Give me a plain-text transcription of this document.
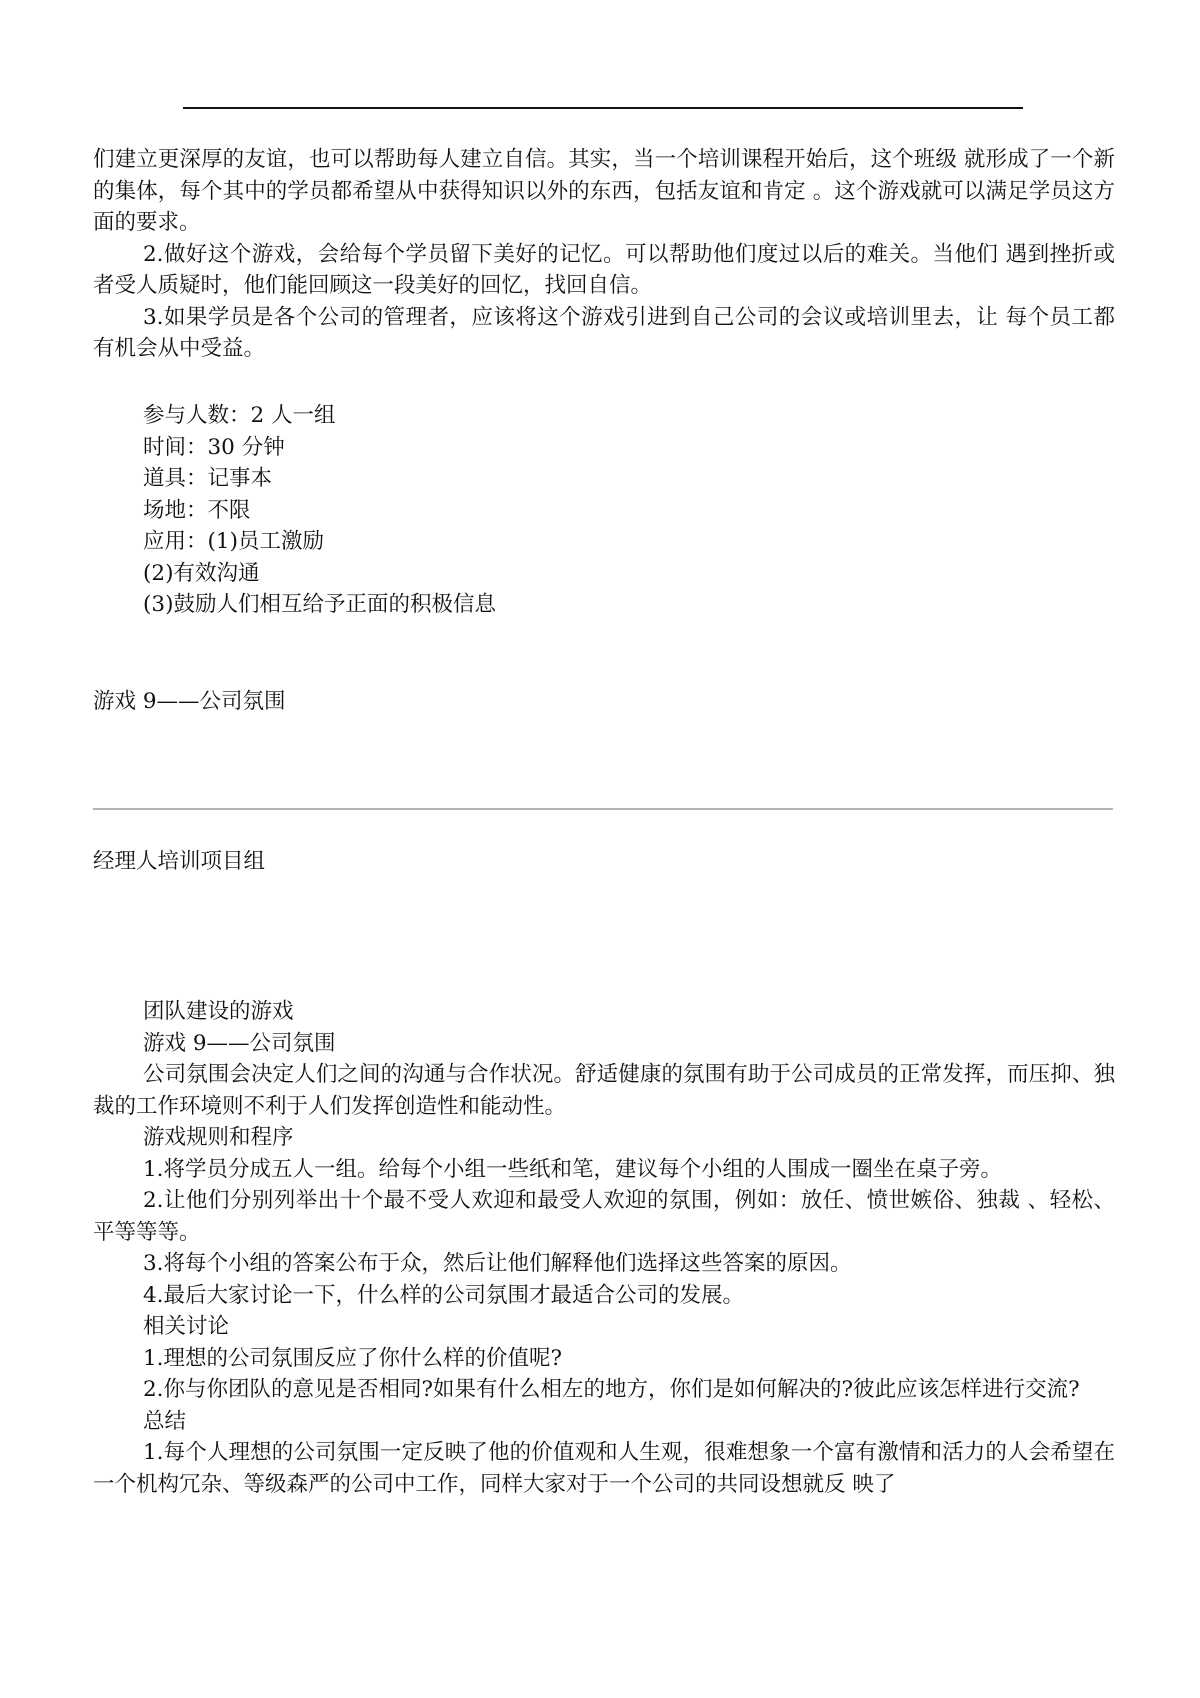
们建立更深厚的友谊，也可以帮助每人建立自信。其实，当一个培训课程开始后，这个班级 就形成了一个新的集体，每个其中的学员都希望从中获得知识以外的东西，包括友谊和肯定 。这个游戏就可以满足学员这方面的要求。

2.做好这个游戏，会给每个学员留下美好的记忆。可以帮助他们度过以后的难关。当他们 遇到挫折或者受人质疑时，他们能回顾这一段美好的回忆，找回自信。

3.如果学员是各个公司的管理者，应该将这个游戏引进到自己公司的会议或培训里去，让 每个员工都有机会从中受益。

参与人数：2 人一组

时间：30 分钟

道具：记事本

场地：不限

应用：(1)员工激励

(2)有效沟通

(3)鼓励人们相互给予正面的积极信息

游戏 9——公司氛围

经理人培训项目组

团队建设的游戏

游戏 9——公司氛围

公司氛围会决定人们之间的沟通与合作状况。舒适健康的氛围有助于公司成员的正常发挥，而压抑、独裁的工作环境则不利于人们发挥创造性和能动性。

游戏规则和程序

1.将学员分成五人一组。给每个小组一些纸和笔，建议每个小组的人围成一圈坐在桌子旁。

2.让他们分别列举出十个最不受人欢迎和最受人欢迎的氛围，例如：放任、愤世嫉俗、独裁 、轻松、平等等等。

3.将每个小组的答案公布于众，然后让他们解释他们选择这些答案的原因。

4.最后大家讨论一下，什么样的公司氛围才最适合公司的发展。

相关讨论

1.理想的公司氛围反应了你什么样的价值呢?

2.你与你团队的意见是否相同?如果有什么相左的地方，你们是如何解决的?彼此应该怎样进行交流?

总结

1.每个人理想的公司氛围一定反映了他的价值观和人生观，很难想象一个富有激情和活力的人会希望在一个机构冗杂、等级森严的公司中工作，同样大家对于一个公司的共同设想就反 映了
